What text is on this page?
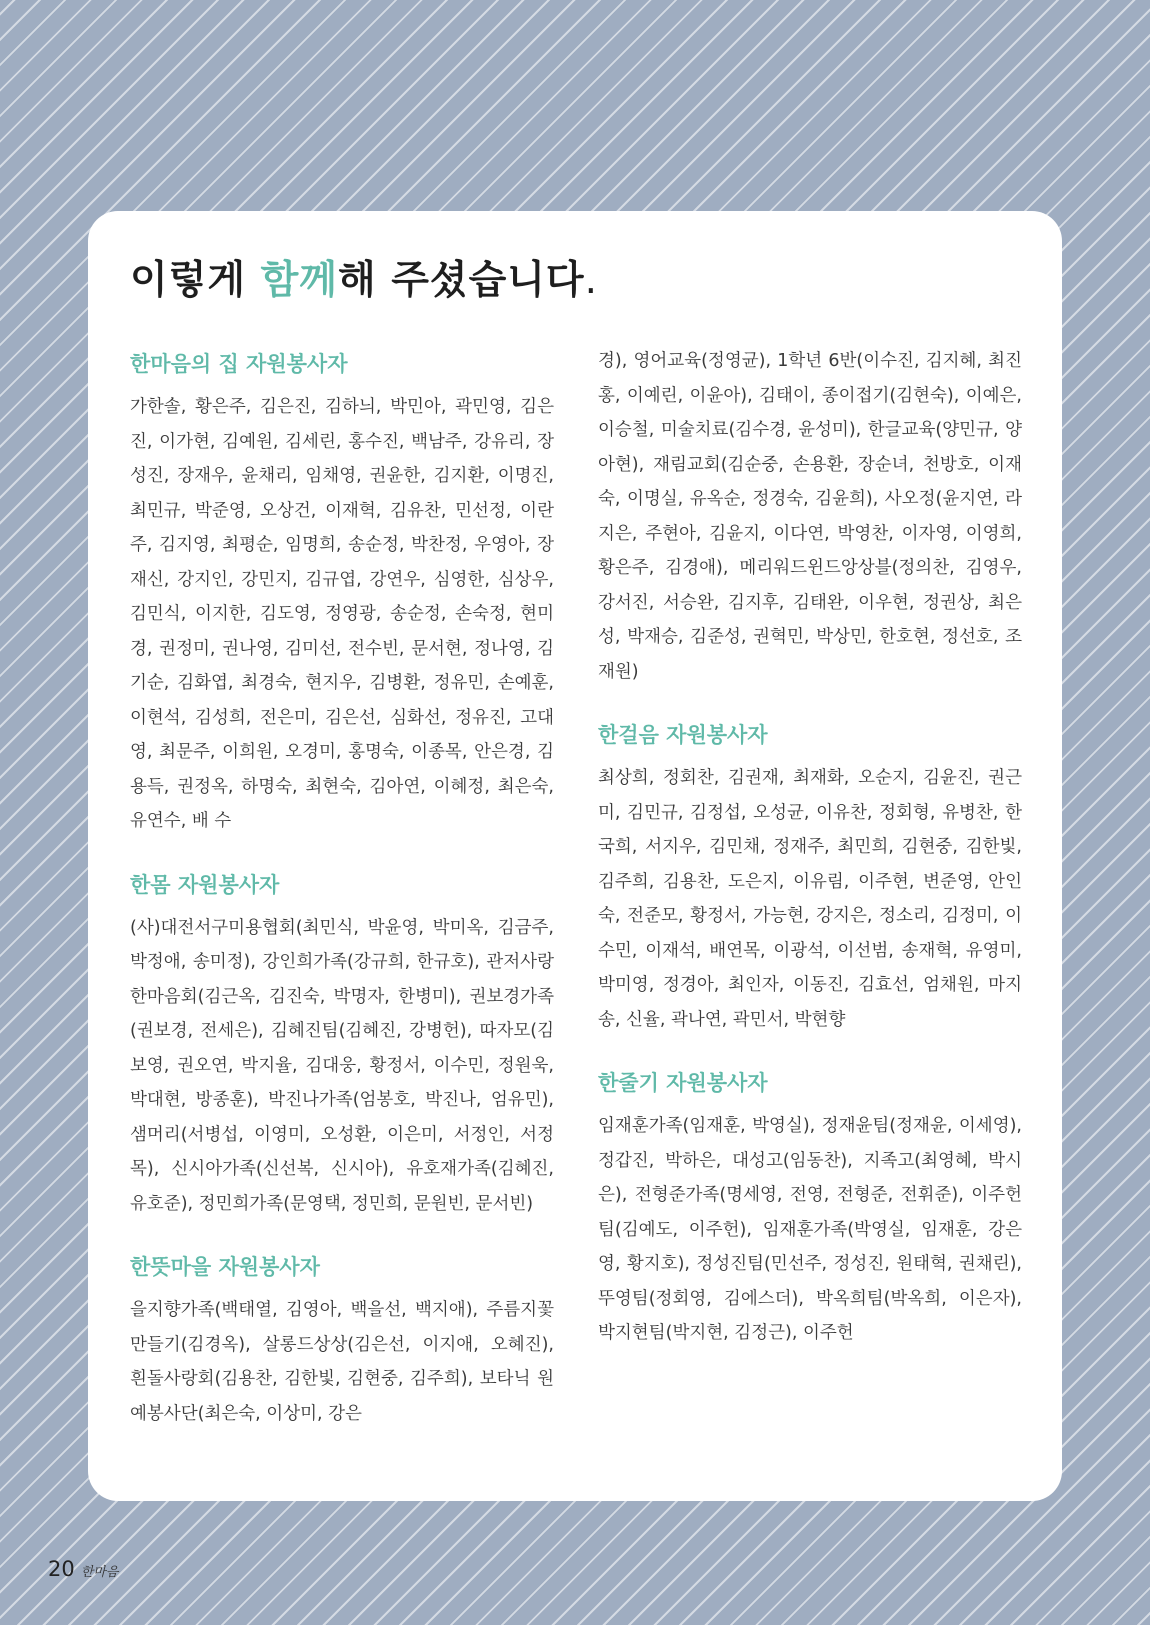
이렇게 함께해 주셨습니다.
한마음의 집 자원봉사자

가한솔, 황은주, 김은진, 김하늬, 박민아, 곽민영, 김은진, 이가현, 김예원, 김세린, 홍수진, 백남주, 강유리, 장성진, 장재우, 윤채리, 임채영, 권윤한, 김지환, 이명진, 최민규, 박준영, 오상건, 이재혁, 김유찬, 민선정, 이란주, 김지영, 최평순, 임명희, 송순정, 박찬정, 우영아, 장재신, 강지인, 강민지, 김규엽, 강연우, 심영한, 심상우, 김민식, 이지한, 김도영, 정영광, 송순정, 손숙정, 현미경, 권정미, 권나영, 김미선, 전수빈, 문서현, 정나영, 김기순, 김화엽, 최경숙, 현지우, 김병환, 정유민, 손예훈, 이현석, 김성희, 전은미, 김은선, 심화선, 정유진, 고대영, 최문주, 이희원, 오경미, 홍명숙, 이종목, 안은경, 김용득, 권정옥, 하명숙, 최현숙, 김아연, 이혜정, 최은숙, 유연수, 배 수

한몸 자원봉사자

(사)대전서구미용협회(최민식, 박윤영, 박미옥, 김금주, 박정애, 송미정), 강인희가족(강규희, 한규호), 관저사랑한마음회(김근옥, 김진숙, 박명자, 한병미), 권보경가족(권보경, 전세은), 김혜진팀(김혜진, 강병헌), 따자모(김보영, 권오연, 박지율, 김대웅, 황정서, 이수민, 정원욱, 박대현, 방종훈), 박진나가족(엄봉호, 박진나, 엄유민), 샘머리(서병섭, 이영미, 오성환, 이은미, 서정인, 서정목), 신시아가족(신선복, 신시아), 유호재가족(김혜진, 유호준), 정민희가족(문영택, 정민희, 문원빈, 문서빈)

한뜻마을 자원봉사자

을지향가족(백태열, 김영아, 백을선, 백지애), 주름지꽃 만들기(김경옥), 살롱드상상(김은선, 이지애, 오혜진), 흰돌사랑회(김용찬, 김한빛, 김현중, 김주희), 보타닉 원예봉사단(최은숙, 이상미, 강은

경), 영어교육(정영균), 1학년 6반(이수진, 김지혜, 최진홍, 이예린, 이윤아), 김태이, 종이접기(김현숙), 이예은, 이승철, 미술치료(김수경, 윤성미), 한글교육(양민규, 양아현), 재림교회(김순중, 손용환, 장순녀, 천방호, 이재숙, 이명실, 유옥순, 정경숙, 김윤희), 사오정(윤지연, 라지은, 주현아, 김윤지, 이다연, 박영찬, 이자영, 이영희, 황은주, 김경애), 메리워드윈드앙상블(정의찬, 김영우, 강서진, 서승완, 김지후, 김태완, 이우현, 정권상, 최은성, 박재승, 김준성, 권혁민, 박상민, 한호현, 정선호, 조재원)

한걸음 자원봉사자

최상희, 정회찬, 김권재, 최재화, 오순지, 김윤진, 권근미, 김민규, 김정섭, 오성균, 이유찬, 정회형, 유병찬, 한국희, 서지우, 김민채, 정재주, 최민희, 김현중, 김한빛, 김주희, 김용찬, 도은지, 이유림, 이주현, 변준영, 안인숙, 전준모, 황정서, 가능현, 강지은, 정소리, 김정미, 이수민, 이재석, 배연목, 이광석, 이선범, 송재혁, 유영미, 박미영, 정경아, 최인자, 이동진, 김효선, 엄채원, 마지송, 신율, 곽나연, 곽민서, 박현향

한줄기 자원봉사자

임재훈가족(임재훈, 박영실), 정재윤팀(정재윤, 이세영), 정갑진, 박하은, 대성고(임동찬), 지족고(최영혜, 박시은), 전형준가족(명세영, 전영, 전형준, 전휘준), 이주헌팀(김예도, 이주헌), 임재훈가족(박영실, 임재훈, 강은영, 황지호), 정성진팀(민선주, 정성진, 원태혁, 권채린), 뚜영팀(정회영, 김에스더), 박옥희팀(박옥희, 이은자), 박지현팀(박지현, 김정근), 이주헌

20 한마음
